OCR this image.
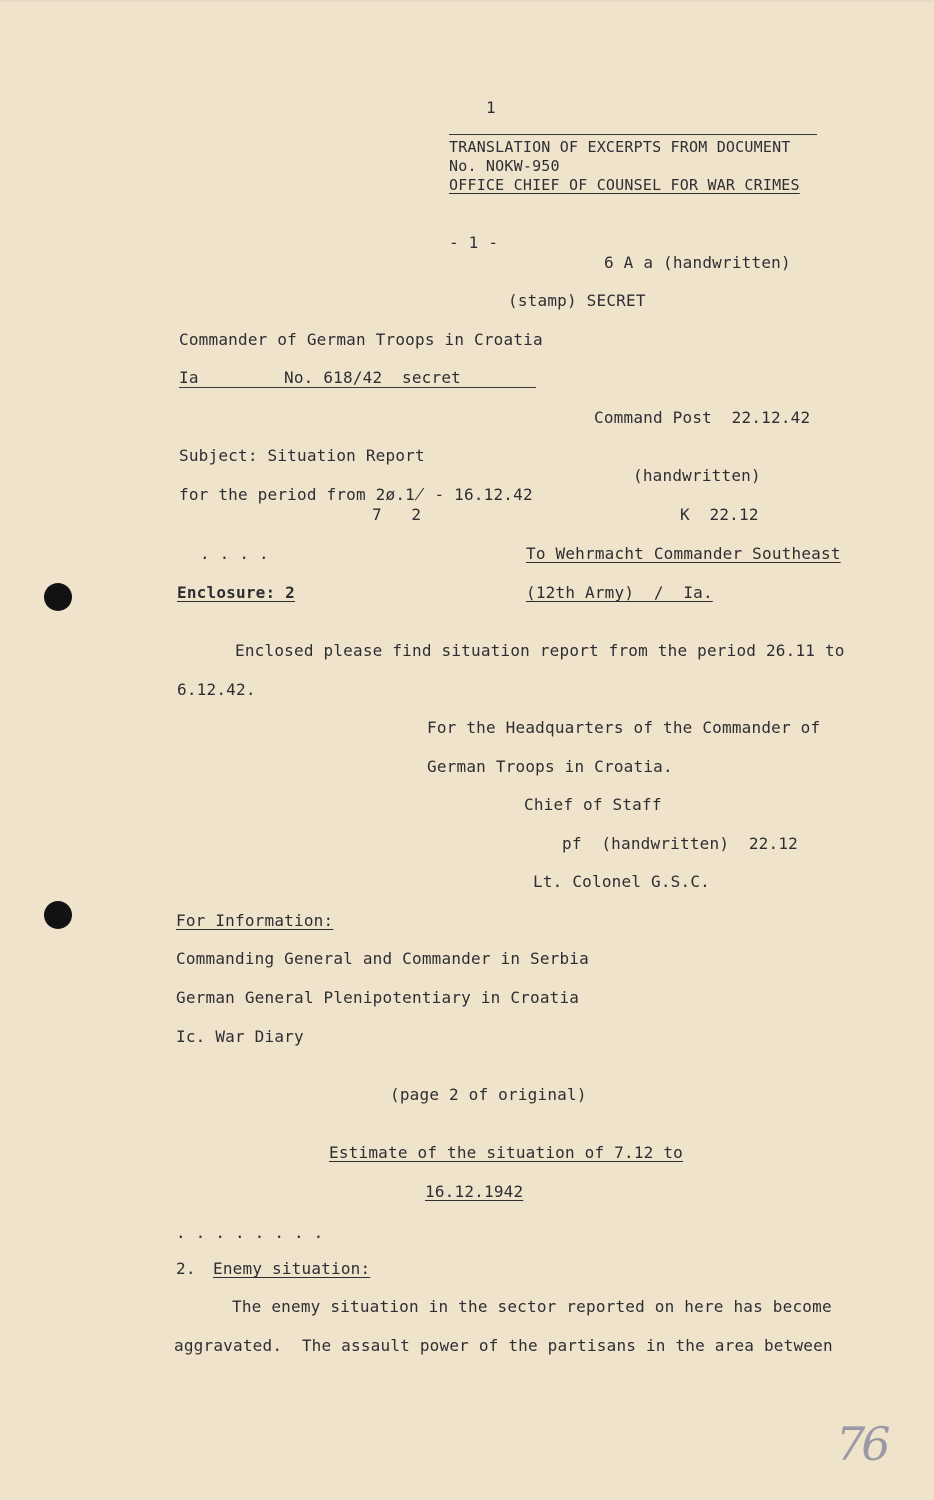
1
TRANSLATION OF EXCERPTS FROM DOCUMENT
No. NOKW-950
OFFICE CHIEF OF COUNSEL FOR WAR CRIMES
- 1 -
6 A a (handwritten)
(stamp) SECRET
Commander of German Troops in Croatia
Ia	No. 618/42  secret
Command Post  22.12.42
Subject: Situation Report
(handwritten)
for the period from 2ø.1̸ - 16.12.42
7   2	K  22.12
. . . .	To Wehrmacht Commander Southeast
Enclosure: 2	(12th Army)  /  Ia.
Enclosed please find situation report from the period 26.11 to
6.12.42.
For the Headquarters of the Commander of
German Troops in Croatia.
Chief of Staff
pf  (handwritten)  22.12
Lt. Colonel G.S.C.
For Information:
Commanding General and Commander in Serbia
German General Plenipotentiary in Croatia
Ic. War Diary
(page 2 of original)
Estimate of the situation of 7.12 to
16.12.1942
. . . . . . . .
2. Enemy situation:
The enemy situation in the sector reported on here has become
aggravated.  The assault power of the partisans in the area between
76
